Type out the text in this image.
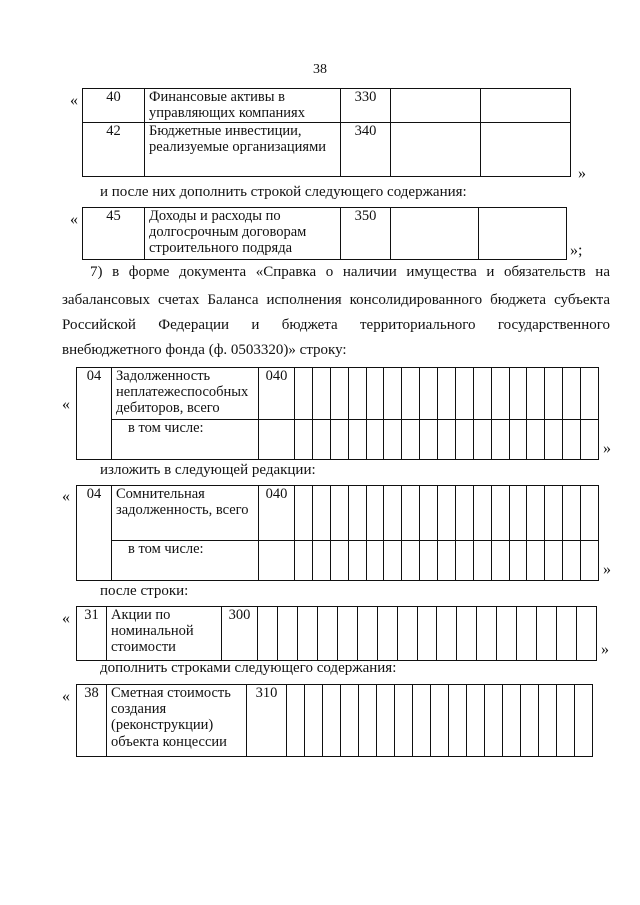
38
« 40	Финансовые активы в управляющих компаниях	330		
42	Бюджетные инвестиции, реализуемые организациями	340		
»
и после них дополнить строкой следующего содержания:
« 45	Доходы и расходы по долгосрочным договорам строительного подряда	350		
»;
7) в форме документа «Справка о наличии имущества и обязательств на
забалансовых счетах Баланса исполнения консолидированного бюджета субъекта
Российской Федерации и бюджета территориального государственного
внебюджетного фонда (ф. 0503320)» строку:
«
04	Задолженность неплатежеспособных дебиторов, всего	040																	
	в том числе:																		
»
изложить в следующей редакции:
« 04	Сомнительная задолженность, всего	040																	
	в том числе:																		
»
после строки:
« 31	Акции по номинальной стоимости	300																	
»
дополнить строками следующего содержания:
« 38	Сметная стоимость создания (реконструкции) объекта концессии	310																	
